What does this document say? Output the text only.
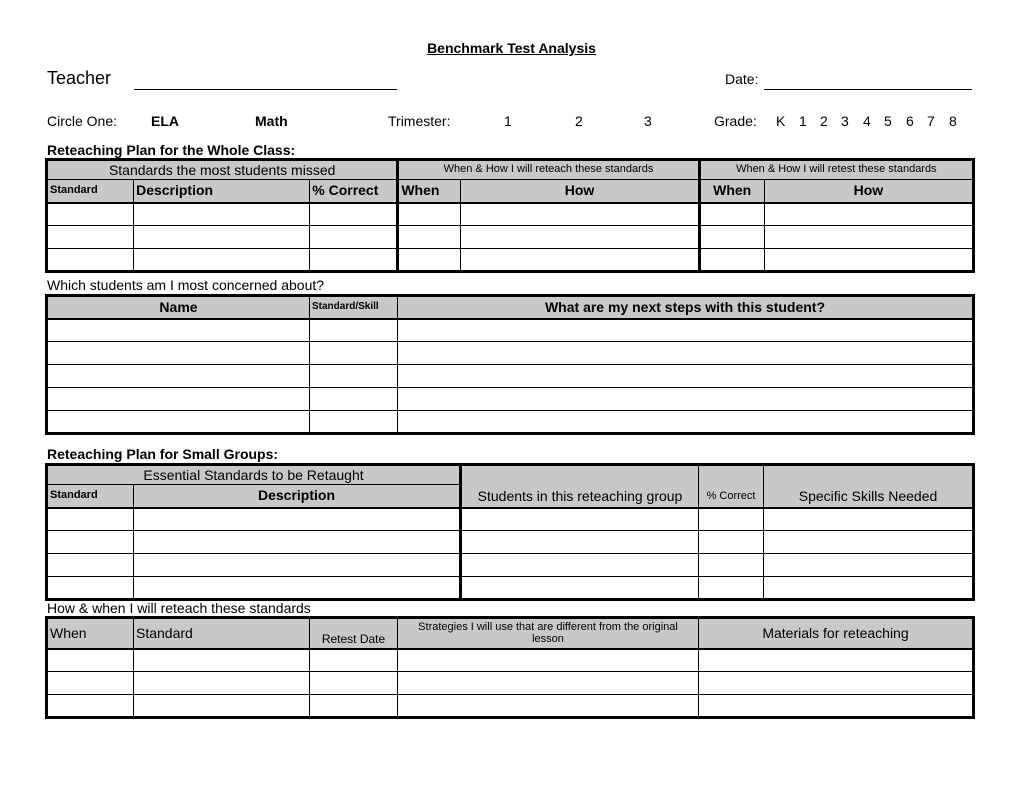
Benchmark Test Analysis
Teacher	Date:
Circle One: ELA	Math	Trimester:	1	2	3	Grade: K 1 2 3 4 5 6 7 8
Reteaching Plan for the Whole Class:
Standards the most students missed			When & How I will reteach these standards		When & How I will retest these standards	
Standard	Description	% Correct	When	How	When	How

Which students am I most concerned about?
Name	Standard/Skill	What are my next steps with this student?

Reteaching Plan for Small Groups:
Essential Standards to be Retaught		Students in this reteaching group	% Correct	Specific Skills Needed
Standard	Description			

How & when I will reteach these standards
When	Standard	Retest Date	Strategies I will use that are different from the original lesson	Materials for reteaching
